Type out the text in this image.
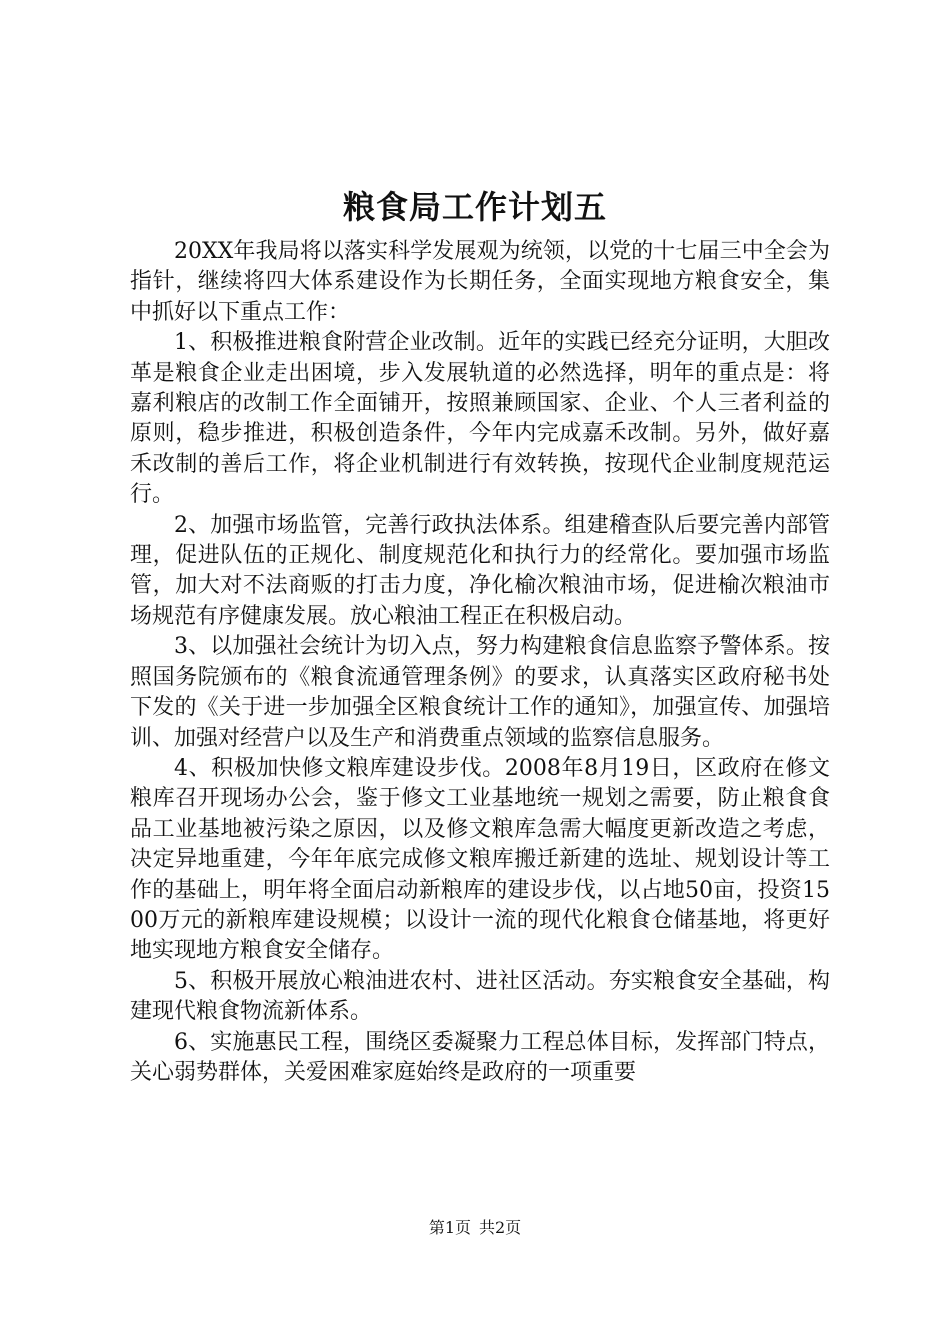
粮食局工作计划五

20XX年我局将以落实科学发展观为统领，以党的十七届三中全会为指针，继续将四大体系建设作为长期任务，全面实现地方粮食安全，集中抓好以下重点工作：

1、积极推进粮食附营企业改制。近年的实践已经充分证明，大胆改革是粮食企业走出困境，步入发展轨道的必然选择，明年的重点是：将嘉利粮店的改制工作全面铺开，按照兼顾国家、企业、个人三者利益的原则，稳步推进，积极创造条件，今年内完成嘉禾改制。另外，做好嘉禾改制的善后工作，将企业机制进行有效转换，按现代企业制度规范运行。

2、加强市场监管，完善行政执法体系。组建稽查队后要完善内部管理，促进队伍的正规化、制度规范化和执行力的经常化。要加强市场监管，加大对不法商贩的打击力度，净化榆次粮油市场，促进榆次粮油市场规范有序健康发展。放心粮油工程正在积极启动。

3、以加强社会统计为切入点，努力构建粮食信息监察予警体系。按照国务院颁布的《粮食流通管理条例》的要求，认真落实区政府秘书处下发的《关于进一步加强全区粮食统计工作的通知》，加强宣传、加强培训、加强对经营户以及生产和消费重点领域的监察信息服务。

4、积极加快修文粮库建设步伐。2008年8月19日，区政府在修文粮库召开现场办公会，鉴于修文工业基地统一规划之需要，防止粮食食品工业基地被污染之原因，以及修文粮库急需大幅度更新改造之考虑，决定异地重建，今年年底完成修文粮库搬迁新建的选址、规划设计等工作的基础上，明年将全面启动新粮库的建设步伐，以占地50亩，投资1500万元的新粮库建设规模；以设计一流的现代化粮食仓储基地，将更好地实现地方粮食安全储存。

5、积极开展放心粮油进农村、进社区活动。夯实粮食安全基础，构建现代粮食物流新体系。

6、实施惠民工程，围绕区委凝聚力工程总体目标，发挥部门特点，关心弱势群体，关爱困难家庭始终是政府的一项重要

第1页 共2页
